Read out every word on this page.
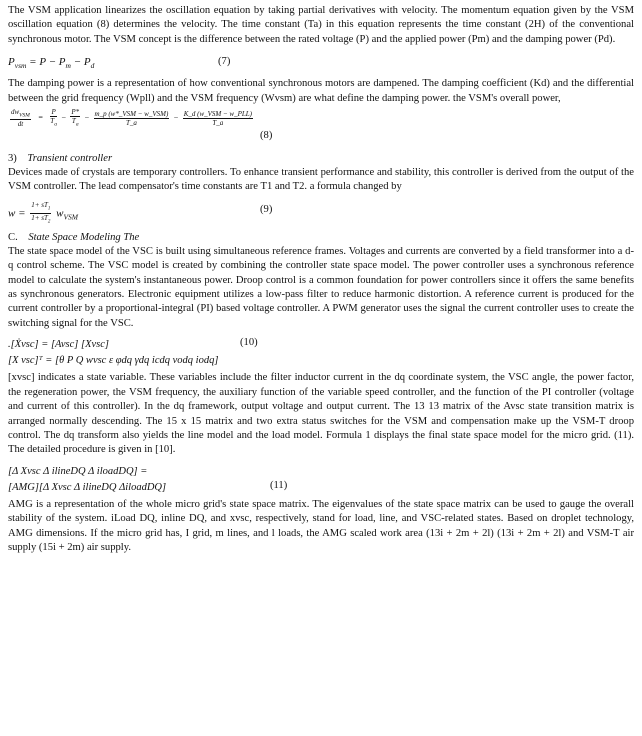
The VSM application linearizes the oscillation equation by taking partial derivatives with velocity. The momentum equation given by the VSM oscillation equation (8) determines the velocity. The time constant (Ta) in this equation represents the time constant (2H) of the conventional synchronous motor. The VSM concept is the difference between the rated voltage (P) and the applied power (Pm) and the damping power (Pd).

$P_{vsm} = P - P_m - P_d$	(7)

The damping power is a representation of how conventional synchronous motors are dampened. The damping coefficient (Kd) and the differential between the grid frequency (Wpll) and the VSM frequency (Wvsm) are what define the damping power. the VSM's overall power,

$\frac{dw_{VSM}}{dt} = \frac{P}{T_a} - \frac{P*}{T_a} - \frac{\text{m\_p (w*\_VSM − w\_VSM)}}{T\_a} - \frac{\text{K\_d (w\_VSM − w\_PLL)}}{T\_a}$
(8)
3) Transient controller

Devices made of crystals are temporary controllers. To enhance transient performance and stability, this controller is derived from the output of the VSM controller. The lead compensator's time constants are T1 and T2. a formula changed by

$w = \frac{1+ sT_1}{1+ sT_2} w_{VSM}$
(9)
C. State Space Modeling The

The state space model of the VSC is built using simultaneous reference frames. Voltages and currents are converted by a field transformer into a d-q control scheme. The VSC model is created by combining the controller state space model. The power controller uses a synchronous reference model to calculate the system's instantaneous power. Droop control is a common foundation for power controllers since it offers the same benefits as synchronous generators. Electronic equipment utilizes a low-pass filter to reduce harmonic distortion. A reference current is produced for the current controller by a proportional-integral (PI) based voltage controller. A PWM generator uses the signal the current controller uses to create the switching signal for the VSC.

.[Ẋvsc] = [Avsc] [Xvsc]
[X vsc]ᵀ = [θ P Q wvsc ε φdq γdq icdq vodq iodq]
(10)

[xvsc] indicates a state variable. These variables include the filter inductor current in the dq coordinate system, the VSC angle, the power factor, the regeneration power, the VSM frequency, the auxiliary function of the variable speed controller, and the function of the PI controller (voltage and current of this controller). In the dq framework, output voltage and output current. The 13 13 matrix of the Avsc state transition matrix is arranged normally descending. The 15 x 15 matrix and two extra status switches for the VSM and compensation make up the VSM-T droop control. The dq transform also yields the line model and the load model. Formula 1 displays the final state space model for the micro grid. (11). The detailed procedure is given in [10].

[Δ Xvsc Δ ilineDQ Δ iloadDQ] =
[AMG][Δ Xvsc Δ ilineDQ ΔiloadDQ]	(11)

AMG is a representation of the whole micro grid's state space matrix. The eigenvalues of the state space matrix can be used to gauge the overall stability of the system. iLoad DQ, inline DQ, and xvsc, respectively, stand for load, line, and VSC-related states. Based on droplet technology, AMG dimensions. If the micro grid has, I grid, m lines, and l loads, the AMG scaled work area (13i + 2m + 2l) (13i + 2m + 2l) and VSM-T air supply (15i + 2m) air supply.
